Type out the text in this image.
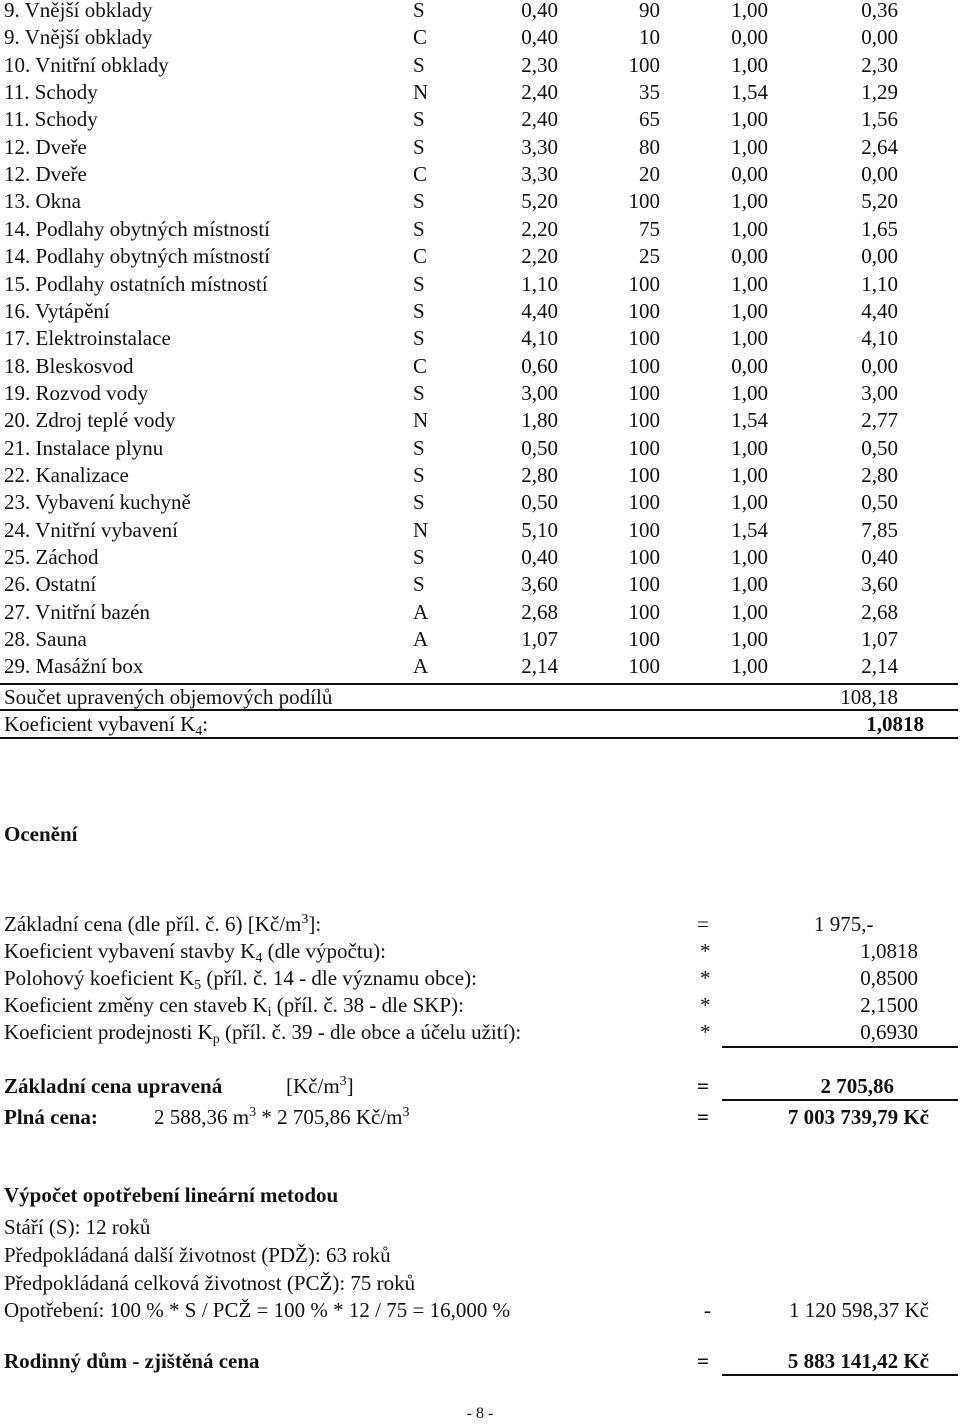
9. Vnější obklady	S	0,40	90	1,00	0,36
9. Vnější obklady	C	0,40	10	0,00	0,00
10. Vnitřní obklady	S	2,30	100	1,00	2,30
11. Schody	N	2,40	35	1,54	1,29
11. Schody	S	2,40	65	1,00	1,56
12. Dveře	S	3,30	80	1,00	2,64
12. Dveře	C	3,30	20	0,00	0,00
13. Okna	S	5,20	100	1,00	5,20
14. Podlahy obytných místností	S	2,20	75	1,00	1,65
14. Podlahy obytných místností	C	2,20	25	0,00	0,00
15. Podlahy ostatních místností	S	1,10	100	1,00	1,10
16. Vytápění	S	4,40	100	1,00	4,40
17. Elektroinstalace	S	4,10	100	1,00	4,10
18. Bleskosvod	C	0,60	100	0,00	0,00
19. Rozvod vody	S	3,00	100	1,00	3,00
20. Zdroj teplé vody	N	1,80	100	1,54	2,77
21. Instalace plynu	S	0,50	100	1,00	0,50
22. Kanalizace	S	2,80	100	1,00	2,80
23. Vybavení kuchyně	S	0,50	100	1,00	0,50
24. Vnitřní vybavení	N	5,10	100	1,54	7,85
25. Záchod	S	0,40	100	1,00	0,40
26. Ostatní	S	3,60	100	1,00	3,60
27. Vnitřní bazén	A	2,68	100	1,00	2,68
28. Sauna	A	1,07	100	1,00	1,07
29. Masážní box	A	2,14	100	1,00	2,14
Součet upravených objemových podílů	108,18
Koeficient vybavení $K_4$:	1,0818
Ocenění
Základní cena (dle příl. č. 6) $[Kč/m^3]$:	=	1 975,-
Koeficient vybavení stavby $K_4$ (dle výpočtu):	*	1,0818
Polohový koeficient $K_5$ (příl. č. 14 - dle významu obce):	*	0,8500
Koeficient změny cen staveb $K_i$ (příl. č. 38 - dle SKP):	*	2,1500
Koeficient prodejnosti $K_p$ (příl. č. 39 - dle obce a účelu užití):	*	0,6930
Základní cena upravená	$[Kč/m^3]$	=	2 705,86
Plná cena:	2 588,36 $m^3 * 2$ 705,86 $Kč/m^3$	=	7 003 739,79 Kč
Výpočet opotřebení lineární metodou
Stáří (S): 12 roků
Předpokládaná další životnost (PDŽ): 63 roků
Předpokládaná celková životnost (PCŽ): 75 roků
Opotřebení: 100 % * S / PCŽ = 100 % * 12 / 75 = 16,000 %	-	1 120 598,37 Kč
Rodinný dům - zjištěná cena	=	5 883 141,42 Kč
- 8 -
